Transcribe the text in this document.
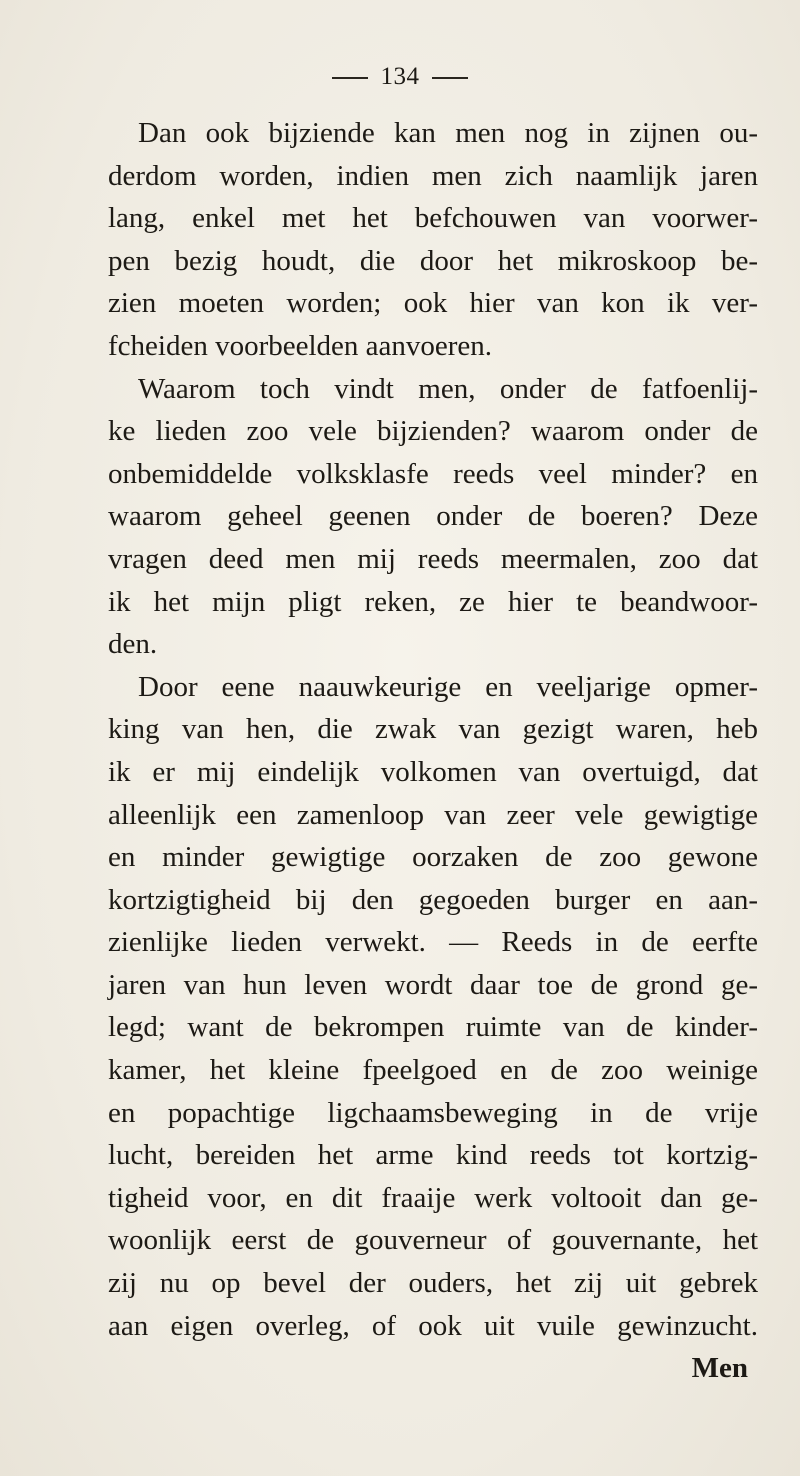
134
Dan ook bijziende kan men nog in zijnen ou-
derdom worden, indien men zich naamlijk jaren
lang, enkel met het befchouwen van voorwer-
pen bezig houdt, die door het mikroskoop be-
zien moeten worden; ook hier van kon ik ver-
fcheiden voorbeelden aanvoeren.
Waarom toch vindt men, onder de fatfoenlij-
ke lieden zoo vele bijzienden? waarom onder de
onbemiddelde volksklasfe reeds veel minder? en
waarom geheel geenen onder de boeren? Deze
vragen deed men mij reeds meermalen, zoo dat
ik het mijn pligt reken, ze hier te beandwoor-
den.
Door eene naauwkeurige en veeljarige opmer-
king van hen, die zwak van gezigt waren, heb
ik er mij eindelijk volkomen van overtuigd, dat
alleenlijk een zamenloop van zeer vele gewigtige
en minder gewigtige oorzaken de zoo gewone
kortzigtigheid bij den gegoeden burger en aan-
zienlijke lieden verwekt. — Reeds in de eerfte
jaren van hun leven wordt daar toe de grond ge-
legd; want de bekrompen ruimte van de kinder-
kamer, het kleine fpeelgoed en de zoo weinige
en popachtige ligchaamsbeweging in de vrije
lucht, bereiden het arme kind reeds tot kortzig-
tigheid voor, en dit fraaije werk voltooit dan ge-
woonlijk eerst de gouverneur of gouvernante, het
zij nu op bevel der ouders, het zij uit gebrek
aan eigen overleg, of ook uit vuile gewinzucht.
Men
